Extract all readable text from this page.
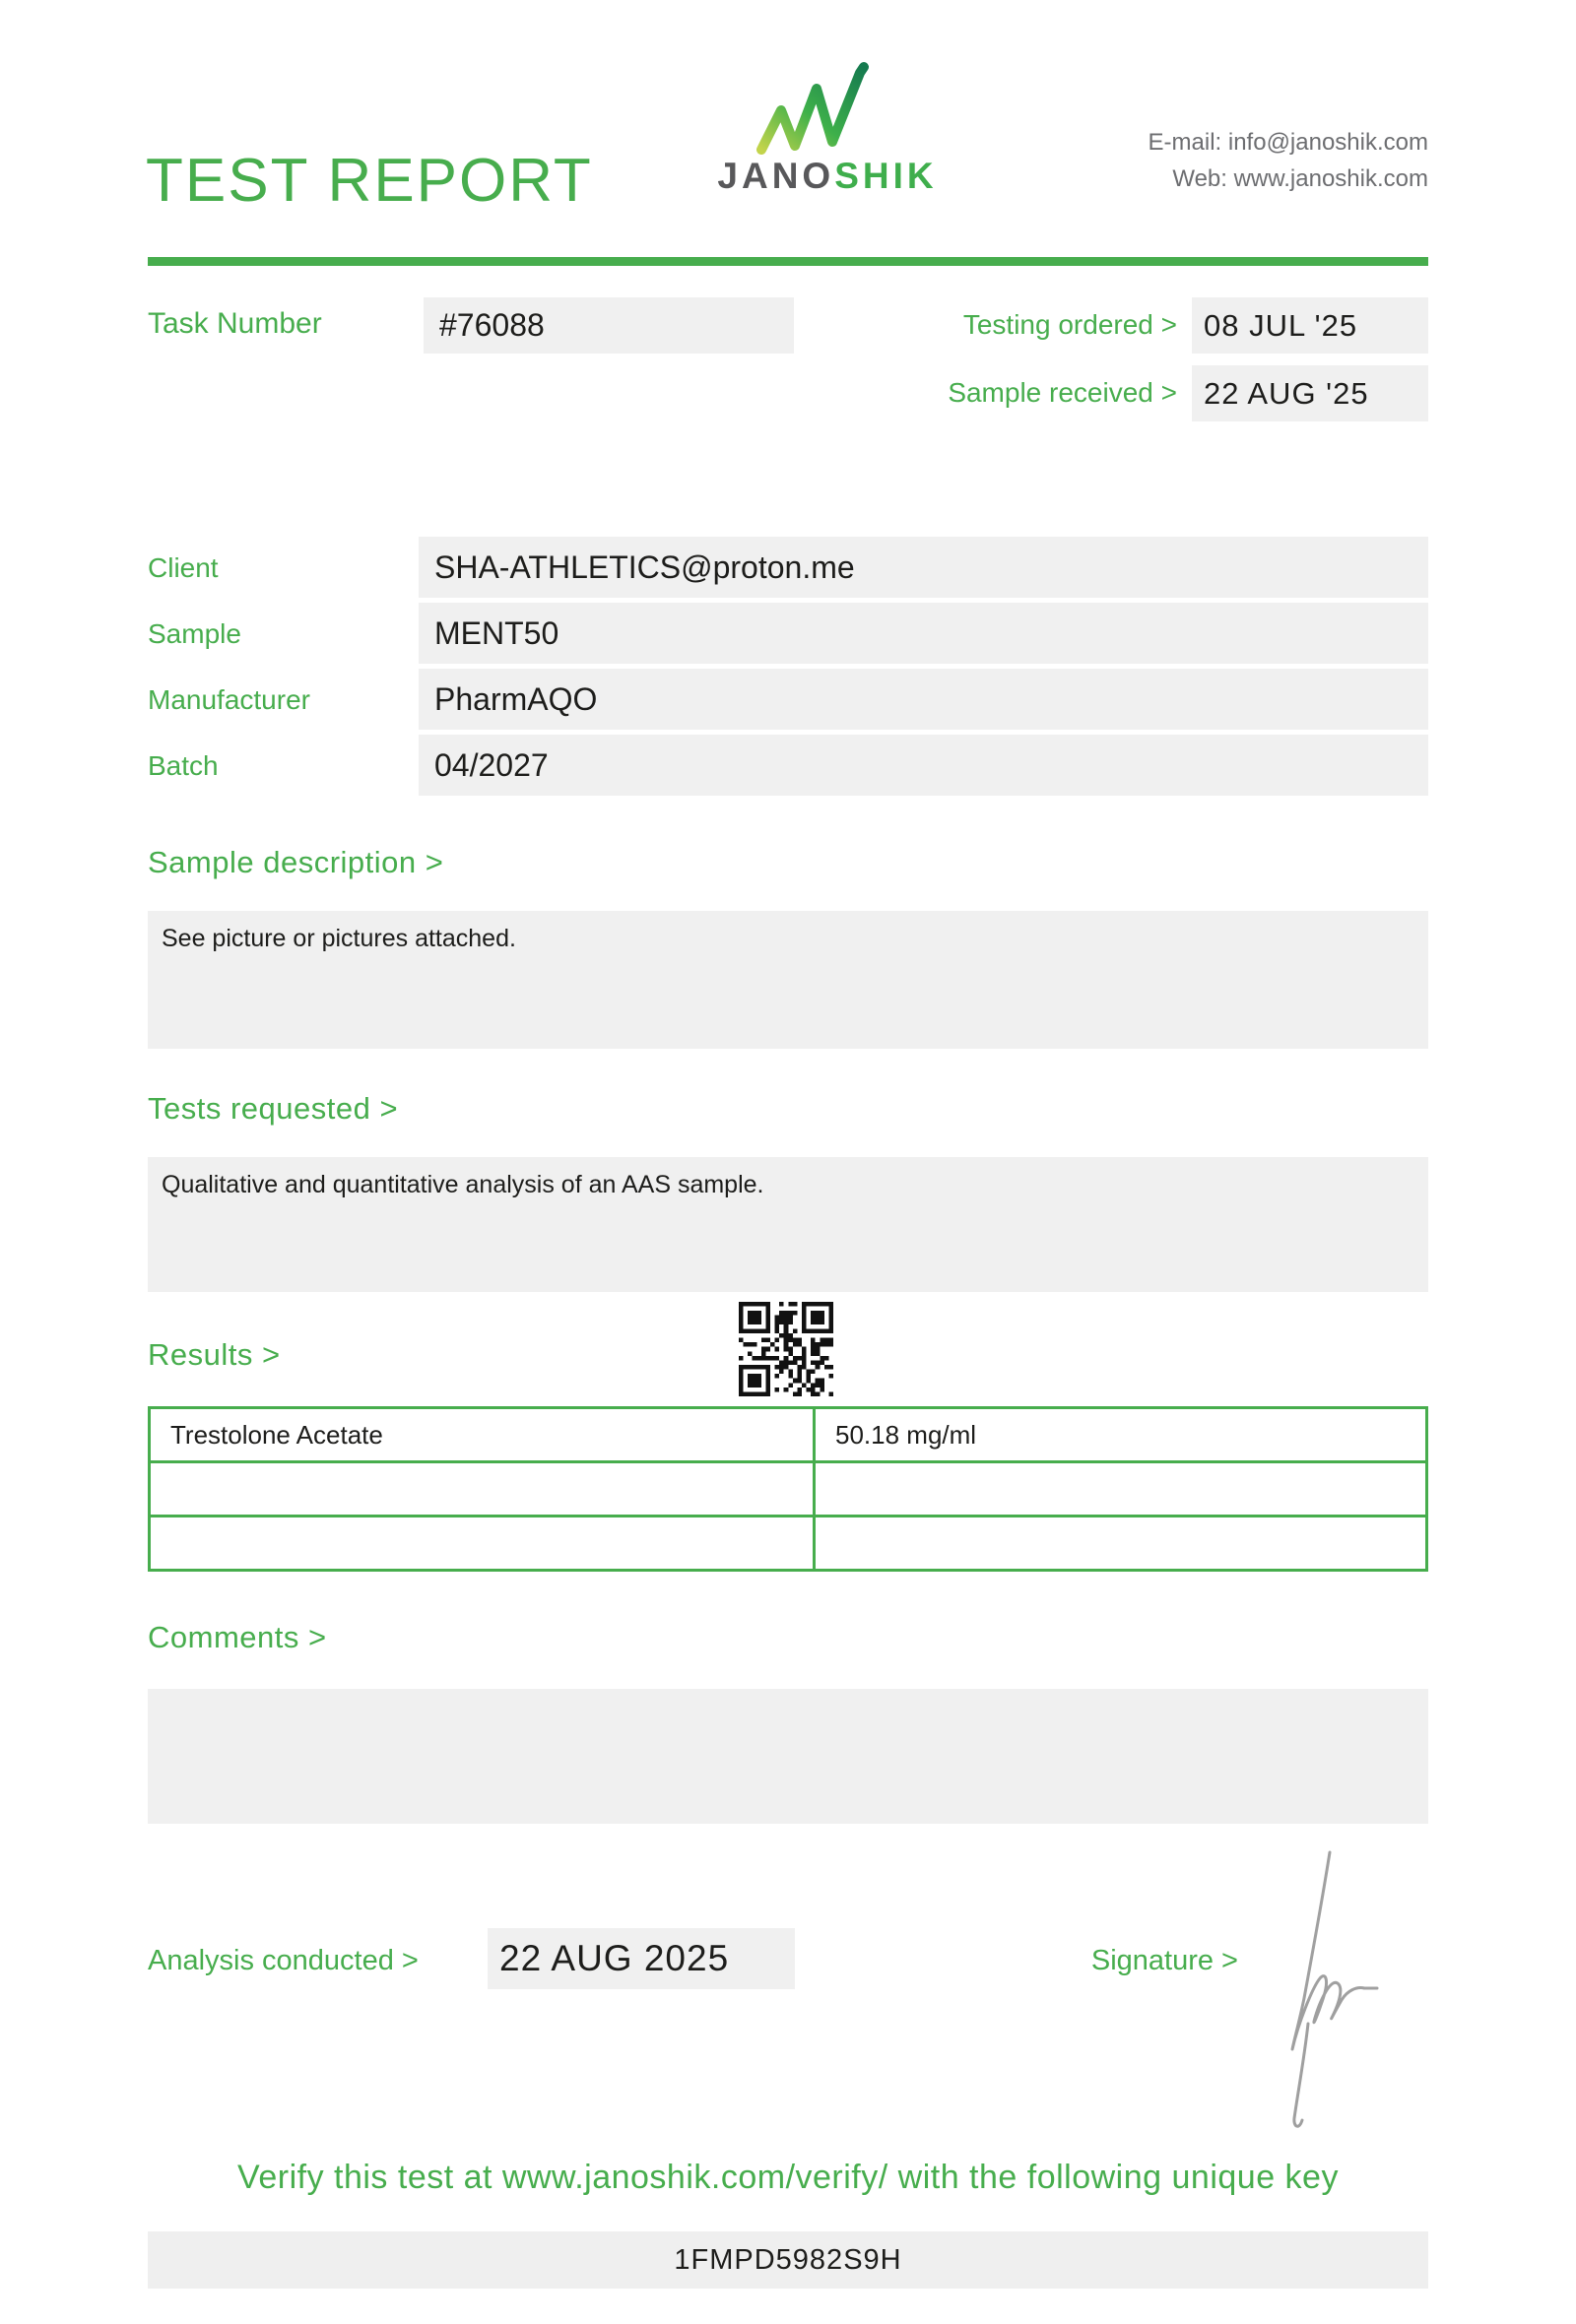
TEST REPORT	JANOSHIK
E-mail: info@janoshik.com
Web: www.janoshik.com
Task Number	#76088	Testing ordered > 08 JUL '25
Sample received > 22 AUG '25
Client	SHA-ATHLETICS@proton.me
Sample	MENT50
Manufacturer	PharmAQO
Batch	04/2027
Sample description >
See picture or pictures attached.
Tests requested >
Qualitative and quantitative analysis of an AAS sample.
Results >
Trestolone Acetate	50.18 mg/ml

Comments >
Analysis conducted >	22 AUG 2025	Signature >
Verify this test at www.janoshik.com/verify/ with the following unique key
1FMPD5982S9H
